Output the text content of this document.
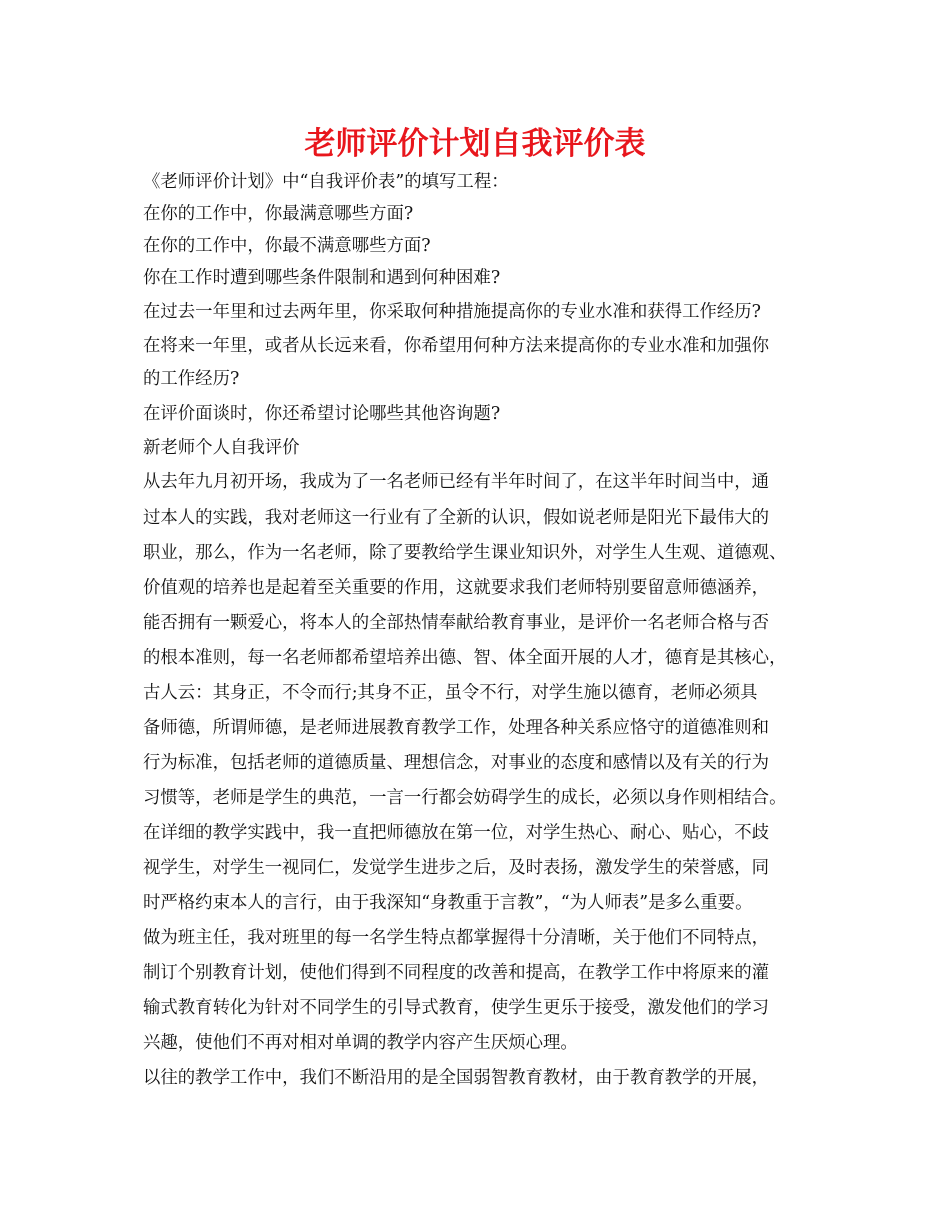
老师评价计划自我评价表
《老师评价计划》中“自我评价表”的填写工程：
在你的工作中，你最满意哪些方面?
在你的工作中，你最不满意哪些方面?
你在工作时遭到哪些条件限制和遇到何种困难?
在过去一年里和过去两年里，你采取何种措施提高你的专业水准和获得工作经历?
在将来一年里，或者从长远来看，你希望用何种方法来提高你的专业水准和加强你
的工作经历?
在评价面谈时，你还希望讨论哪些其他咨询题?
新老师个人自我评价
从去年九月初开场，我成为了一名老师已经有半年时间了，在这半年时间当中，通
过本人的实践，我对老师这一行业有了全新的认识，假如说老师是阳光下最伟大的
职业，那么，作为一名老师，除了要教给学生课业知识外，对学生人生观、道德观、
价值观的培养也是起着至关重要的作用，这就要求我们老师特别要留意师德涵养，
能否拥有一颗爱心，将本人的全部热情奉献给教育事业，是评价一名老师合格与否
的根本准则，每一名老师都希望培养出德、智、体全面开展的人才，德育是其核心，
古人云：其身正，不令而行;其身不正，虽令不行，对学生施以德育，老师必须具
备师德，所谓师德，是老师进展教育教学工作，处理各种关系应恪守的道德准则和
行为标准，包括老师的道德质量、理想信念，对事业的态度和感情以及有关的行为
习惯等，老师是学生的典范，一言一行都会妨碍学生的成长，必须以身作则相结合。
在详细的教学实践中，我一直把师德放在第一位，对学生热心、耐心、贴心，不歧
视学生，对学生一视同仁，发觉学生进步之后，及时表扬，激发学生的荣誉感，同
时严格约束本人的言行，由于我深知“身教重于言教”，“为人师表”是多么重要。
做为班主任，我对班里的每一名学生特点都掌握得十分清晰，关于他们不同特点，
制订个别教育计划，使他们得到不同程度的改善和提高，在教学工作中将原来的灌
输式教育转化为针对不同学生的引导式教育，使学生更乐于接受，激发他们的学习
兴趣，使他们不再对相对单调的教学内容产生厌烦心理。
以往的教学工作中，我们不断沿用的是全国弱智教育教材，由于教育教学的开展，
